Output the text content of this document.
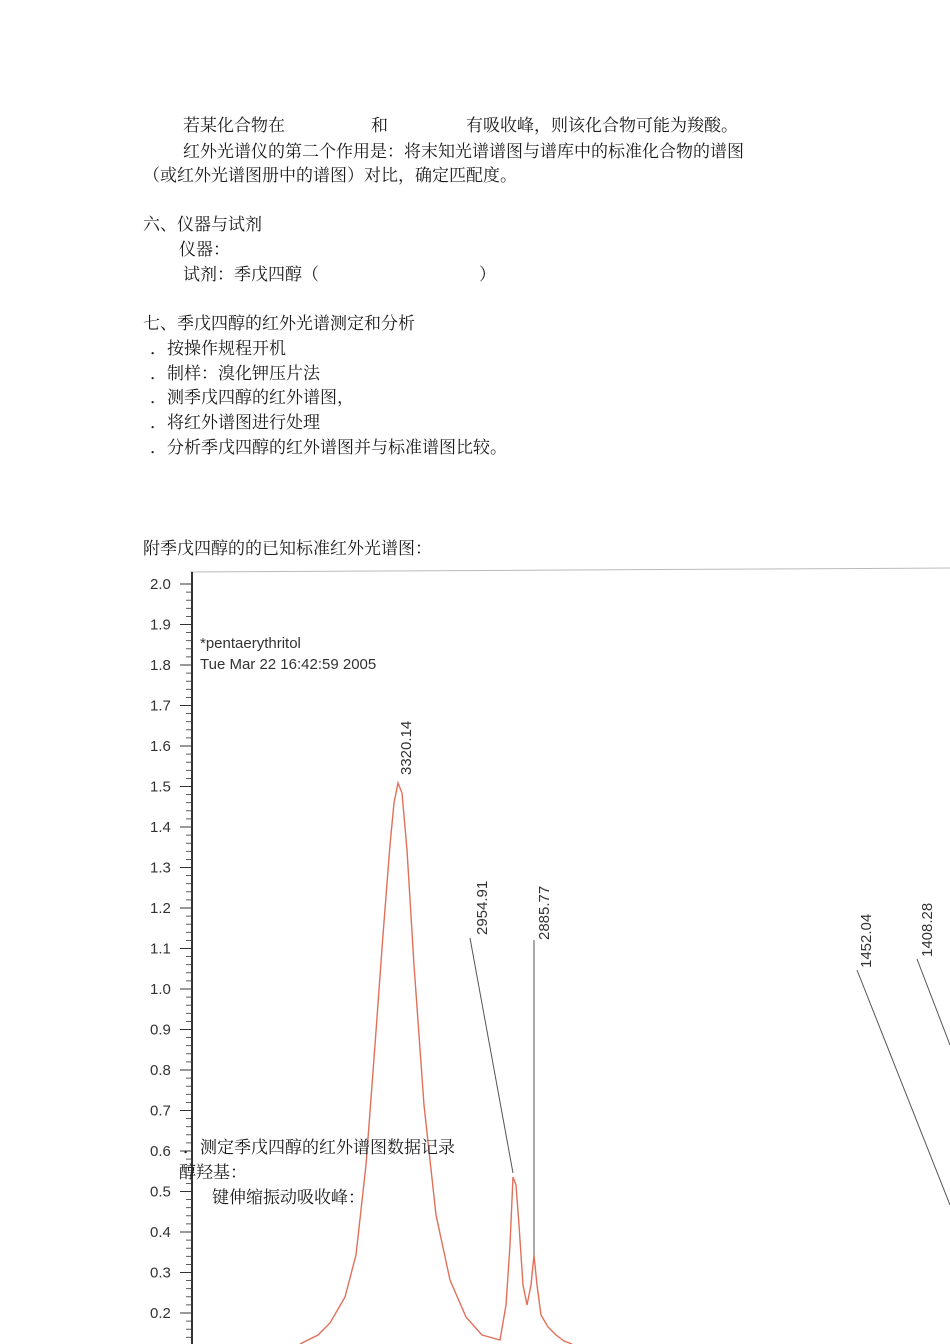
若某化合物在	和	有吸收峰，则该化合物可能为羧酸。
红外光谱仪的第二个作用是：将末知光谱谱图与谱库中的标准化合物的谱图
（或红外光谱图册中的谱图）对比，确定匹配度。
六、仪器与试剂
仪器：
试剂：季戊四醇（	）
七、季戊四醇的红外光谱测定和分析
．按操作规程开机
．制样：溴化钾压片法
．测季戊四醇的红外谱图，
．将红外谱图进行处理
．分析季戊四醇的红外谱图并与标准谱图比较。
附季戊四醇的的已知标准红外光谱图：
2.0
1.9
1.8
1.7
1.6
1.5
1.4
1.3
1.2
1.1
1.0
0.9
0.8
0.7
0.6
0.5
0.4
0.3
0.2
*pentaerythritol
Tue Mar 22 16:42:59 2005
3320.14
2954.91	2885.77
1452.04	1408.28
．测定季戊四醇的红外谱图数据记录
醇羟基：
键伸缩振动吸收峰：
